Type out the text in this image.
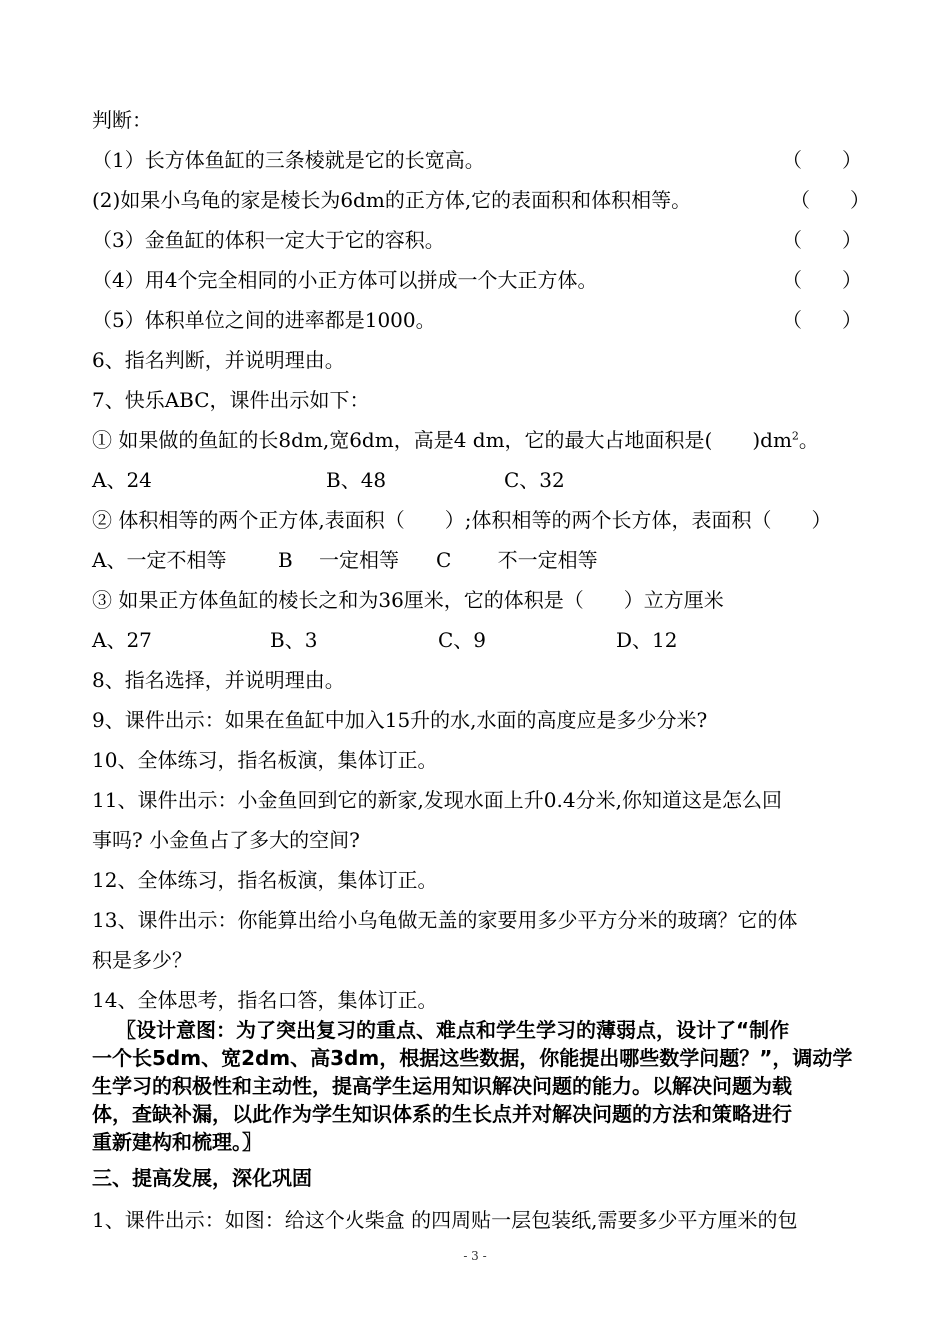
判断：
（1）长方体鱼缸的三条棱就是它的长宽高。	（　　）
(2)如果小乌龟的家是棱长为6dm的正方体,它的表面积和体积相等。	（　　）
（3）金鱼缸的体积一定大于它的容积。	（　　）
（4）用4个完全相同的小正方体可以拼成一个大正方体。	（　　）
（5）体积单位之间的进率都是1000。	（　　）
6、指名判断，并说明理由。
7、快乐ABC，课件出示如下：
① 如果做的鱼缸的长8dm,宽6dm，高是4 dm，它的最大占地面积是(　　)$dm^2$。
A、24	B、48	C、32
② 体积相等的两个正方体,表面积（　　）;体积相等的两个长方体，表面积（　　）
A、一定不相等	B　 一定相等 C　　 不一定相等
③ 如果正方体鱼缸的棱长之和为36厘米，它的体积是（　　）立方厘米
A、27	B、3	C、9	D、12
8、指名选择，并说明理由。
9、课件出示：如果在鱼缸中加入15升的水,水面的高度应是多少分米?
10、全体练习，指名板演，集体订正。
11、课件出示：小金鱼回到它的新家,发现水面上升0.4分米,你知道这是怎么回
事吗? 小金鱼占了多大的空间?
12、全体练习，指名板演，集体订正。
13、课件出示：你能算出给小乌龟做无盖的家要用多少平方分米的玻璃？它的体
积是多少？
14、全体思考，指名口答，集体订正。
〖设计意图：为了突出复习的重点、难点和学生学习的薄弱点，设计了“制作
一个长5dm、宽2dm、高3dm，根据这些数据，你能提出哪些数学问题？”，调动学
生学习的积极性和主动性，提高学生运用知识解决问题的能力。以解决问题为载
体，查缺补漏，以此作为学生知识体系的生长点并对解决问题的方法和策略进行
重新建构和梳理。〗
三、提高发展，深化巩固
1、课件出示：如图：给这个火柴盒 的四周贴一层包装纸,需要多少平方厘米的包
- 3 -
